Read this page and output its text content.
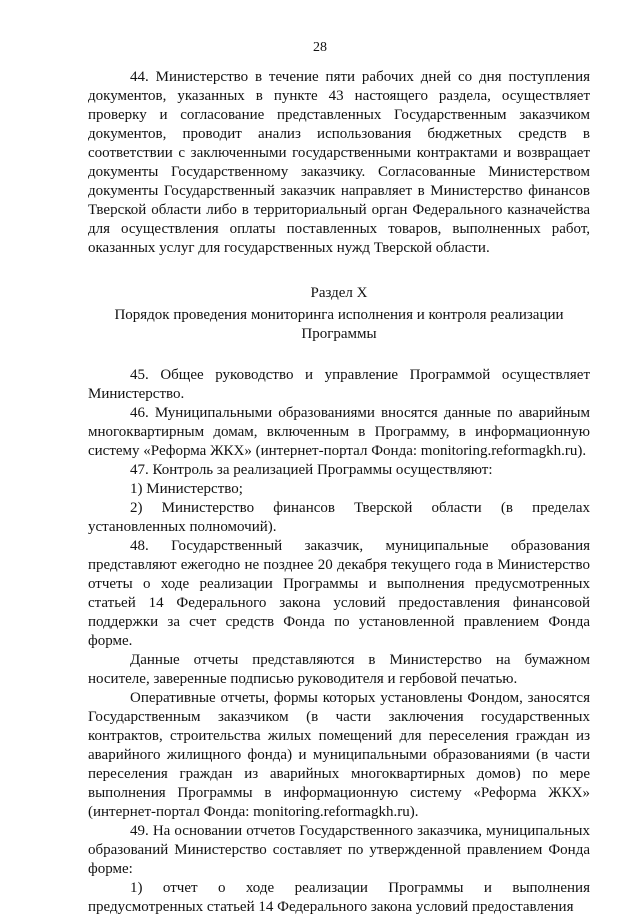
28

44. Министерство в течение пяти рабочих дней со дня поступления документов, указанных в пункте 43 настоящего раздела, осуществляет проверку и согласование представленных Государственным заказчиком документов, проводит анализ использования бюджетных средств в соответствии с заключенными государственными контрактами и возвращает документы Государственному заказчику. Согласованные Министерством документы Государственный заказчик направляет в Министерство финансов Тверской области либо в территориальный орган Федерального казначейства для осуществления оплаты поставленных товаров, выполненных работ, оказанных услуг для государственных нужд Тверской области.

Раздел X
Порядок проведения мониторинга исполнения и контроля реализации Программы

45. Общее руководство и управление Программой осуществляет Министерство.

46. Муниципальными образованиями вносятся данные по аварийным многоквартирным домам, включенным в Программу, в информационную систему «Реформа ЖКХ» (интернет-портал Фонда: monitoring.reformagkh.ru).

47. Контроль за реализацией Программы осуществляют:

1) Министерство;

2) Министерство финансов Тверской области (в пределах установленных полномочий).

48. Государственный заказчик, муниципальные образования представляют ежегодно не позднее 20 декабря текущего года в Министерство отчеты о ходе реализации Программы и выполнения предусмотренных статьей 14 Федерального закона условий предоставления финансовой поддержки за счет средств Фонда по установленной правлением Фонда форме.

Данные отчеты представляются в Министерство на бумажном носителе, заверенные подписью руководителя и гербовой печатью.

Оперативные отчеты, формы которых установлены Фондом, заносятся Государственным заказчиком (в части заключения государственных контрактов, строительства жилых помещений для переселения граждан из аварийного жилищного фонда) и муниципальными образованиями (в части переселения граждан из аварийных многоквартирных домов) по мере выполнения Программы в информационную систему «Реформа ЖКХ» (интернет-портал Фонда: monitoring.reformagkh.ru).

49. На основании отчетов Государственного заказчика, муниципальных образований Министерство составляет по утвержденной правлением Фонда форме:

1) отчет о ходе реализации Программы и выполнения предусмотренных статьей 14 Федерального закона условий предоставления
